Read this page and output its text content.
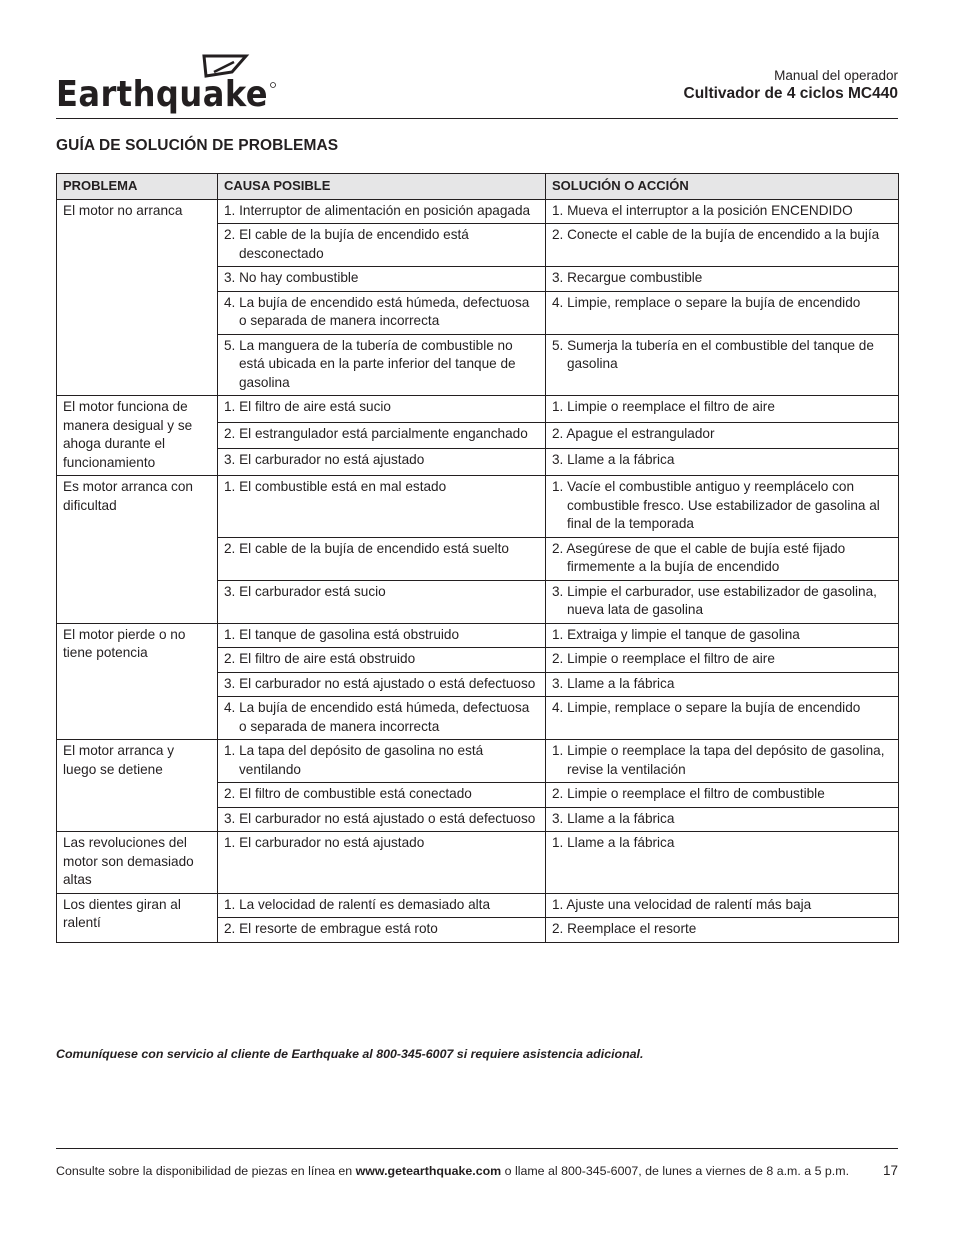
Earthquake	Manual del operador
Cultivador de 4 ciclos MC440
GUÍA DE SOLUCIÓN DE PROBLEMAS
PROBLEMA	CAUSA POSIBLE	SOLUCIÓN O ACCIÓN
El motor no arranca	1. Interruptor de alimentación en posición apagada	1. Mueva el interruptor a la posición ENCENDIDO

	2. El cable de la bujía de encendido está desconectado	2. Conecte el cable de la bujía de encendido a la bujía

	3. No hay combustible	3. Recargue combustible

	4. La bujía de encendido está húmeda, defectuosa o separada de manera incorrecta	4. Limpie, remplace o separe la bujía de encendido

	5. La manguera de la tubería de combustible no está ubicada en la parte inferior del tanque de gasolina	5. Sumerja la tubería en el combustible del tanque de gasolina

El motor funciona de manera desigual y se ahoga durante el funcionamiento	1. El filtro de aire está sucio	1. Limpie o reemplace el filtro de aire

	2. El estrangulador está parcialmente enganchado	2. Apague el estrangulador

	3. El carburador no está ajustado	3. Llame a la fábrica

Es motor arranca con dificultad	1. El combustible está en mal estado	1. Vacíe el combustible antiguo y reemplácelo con combustible fresco. Use estabilizador de gasolina al final de la temporada

	2. El cable de la bujía de encendido está suelto	2. Asegúrese de que el cable de bujía esté fijado firmemente a la bujía de encendido

	3. El carburador está sucio	3. Limpie el carburador, use estabilizador de gasolina, nueva lata de gasolina

El motor pierde o no tiene potencia	1. El tanque de gasolina está obstruido	1. Extraiga y limpie el tanque de gasolina

	2. El filtro de aire está obstruido	2. Limpie o reemplace el filtro de aire

	3. El carburador no está ajustado o está defectuoso	3. Llame a la fábrica

	4. La bujía de encendido está húmeda, defectuosa o separada de manera incorrecta	4. Limpie, remplace o separe la bujía de encendido

El motor arranca y luego se detiene	1. La tapa del depósito de gasolina no está ventilando	1. Limpie o reemplace la tapa del depósito de gasolina, revise la ventilación

	2. El filtro de combustible está conectado	2. Limpie o reemplace el filtro de combustible

	3. El carburador no está ajustado o está defectuoso	3. Llame a la fábrica

Las revoluciones del motor son demasiado altas	1. El carburador no está ajustado	1. Llame a la fábrica

Los dientes giran al ralentí	1. La velocidad de ralentí es demasiado alta	1. Ajuste una velocidad de ralentí más baja

	2. El resorte de embrague está roto	2. Reemplace el resorte
Comuníquese con servicio al cliente de Earthquake al 800-345-6007 si requiere asistencia adicional.
Consulte sobre la disponibilidad de piezas en línea en www.getearthquake.com o llame al 800-345-6007, de lunes a viernes de 8 a.m. a 5 p.m.	17
